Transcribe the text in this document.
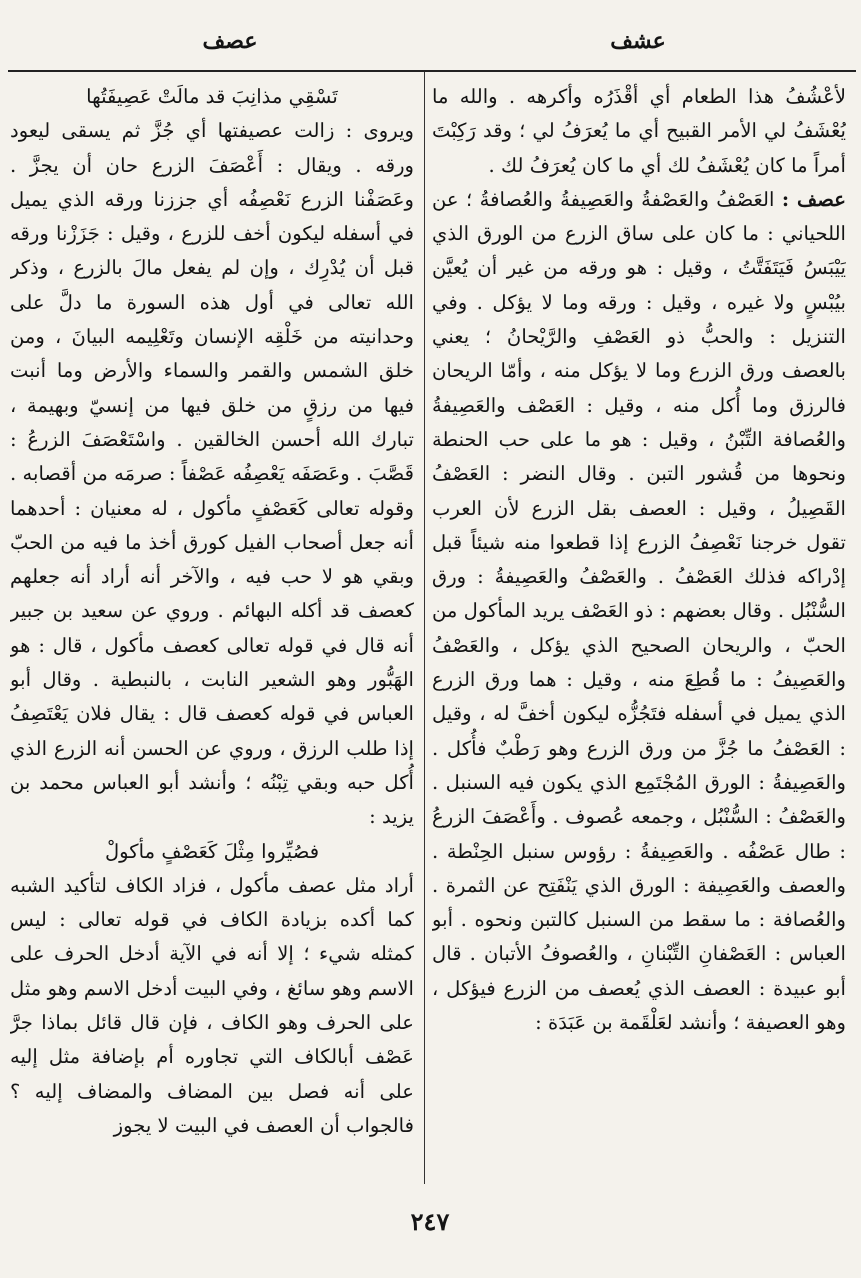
عشف
عصف

لأعْشُفُ هذا الطعام أي أقْذَرُه وأكرهه . والله ما يُعْشَفُ لي الأمر القبيح أي ما يُعرَفُ لي ؛ وقد رَكِبْتَ أمراً ما كان يُعْشَفُ لك أي ما كان يُعرَفُ لك .

عصف : العَصْفُ والعَصْفةُ والعَصِيفةُ والعُصافةُ ؛ عن اللحياني : ما كان على ساق الزرع من الورق الذي يَيْبَسُ فَيَتَفَتَّتُ ، وقيل : هو ورقه من غير أن يُعيَّن بيُبْسٍ ولا غيره ، وقيل : ورقه وما لا يؤكل . وفي التنزيل : والحبُّ ذو العَصْفِ والرَّيْحانُ ؛ يعني بالعصف ورق الزرع وما لا يؤكل منه ، وأمّا الريحان فالرزق وما أُكل منه ، وقيل : العَصْف والعَصِيفةُ والعُصافة التِّبْنُ ، وقيل : هو ما على حب الحنطة ونحوها من قُشور التبن . وقال النضر : العَصْفُ القَصِيلُ ، وقيل : العصف بقل الزرع لأن العرب تقول خرجنا نَعْصِفُ الزرع إذا قطعوا منه شيئاً قبل إدْراكه فذلك العَصْفُ . والعَصْفُ والعَصِيفةُ : ورق السُّنْبُل . وقال بعضهم : ذو العَصْف يريد المأكول من الحبّ ، والريحان الصحيح الذي يؤكل ، والعَصْفُ والعَصِيفُ : ما قُطِعَ منه ، وقيل : هما ورق الزرع الذي يميل في أسفله فتَجُزُّه ليكون أخفَّ له ، وقيل : العَصْفُ ما جُزَّ من ورق الزرع وهو رَطْبٌ فأُكل . والعَصِيفةُ : الورق المُجْتَمِع الذي يكون فيه السنبل . والعَصْفُ : السُّنْبُل ، وجمعه عُصوف . وأَعْصَفَ الزرعُ : طال عَصْفُه . والعَصِيفةُ : رؤوس سنبل الحِنْطة . والعصف والعَصِيفة : الورق الذي يَنْفَتِح عن الثمرة . والعُصافة : ما سقط من السنبل كالتبن ونحوه . أبو العباس : العَصْفانِ التِّبْنانِ ، والعُصوفُ الأتبان . قال أبو عبيدة : العصف الذي يُعصف من الزرع فيؤكل ، وهو العصيفة ؛ وأنشد لعَلْقَمة بن عَبَدَة :

تَسْقِي مذانِبَ قد مالَتْ عَصِيفَتُها

ويروى : زالت عصيفتها أي جُزَّ ثم يسقى ليعود ورقه . ويقال : أَعْصَفَ الزرع حان أن يجزَّ . وعَصَفْنا الزرع نَعْصِفُه أي جززنا ورقه الذي يميل في أسفله ليكون أخف للزرع ، وقيل : جَزَزْنا ورقه قبل أن يُدْرِك ، وإن لم يفعل مالَ بالزرع ، وذكر الله تعالى في أول هذه السورة ما دلَّ على وحدانيته من خَلْقِه الإنسان وتَعْلِيمه البيانَ ، ومن خلق الشمس والقمر والسماء والأرض وما أنبت فيها من رزقٍ من خلق فيها من إنسيّ وبهيمة ، تبارك الله أحسن الخالقين . واسْتَعْصَفَ الزرعُ : قَصَّبَ . وعَصَفَه يَعْصِفُه عَصْفاً : صرمَه من أقصابه . وقوله تعالى كَعَصْفٍ مأكول ، له معنيان : أحدهما أنه جعل أصحاب الفيل كورق أخذ ما فيه من الحبّ وبقي هو لا حب فيه ، والآخر أنه أراد أنه جعلهم كعصف قد أكله البهائم . وروي عن سعيد بن جبير أنه قال في قوله تعالى كعصف مأكول ، قال : هو الهَبُّور وهو الشعير النابت ، بالنبطية . وقال أبو العباس في قوله كعصف قال : يقال فلان يَعْتَصِفُ إذا طلب الرزق ، وروي عن الحسن أنه الزرع الذي أُكل حبه وبقي تِبْنُه ؛ وأنشد أبو العباس محمد بن يزيد :

فصُيِّروا مِثْلَ كَعَصْفٍ مأكولْ

أراد مثل عصف مأكول ، فزاد الكاف لتأكيد الشبه كما أكده بزيادة الكاف في قوله تعالى : ليس كمثله شيء ؛ إلا أنه في الآية أدخل الحرف على الاسم وهو سائغ ، وفي البيت أدخل الاسم وهو مثل على الحرف وهو الكاف ، فإن قال قائل بماذا جرَّ عَصْف أبالكاف التي تجاوره أم بإضافة مثل إليه على أنه فصل بين المضاف والمضاف إليه ؟ فالجواب أن العصف في البيت لا يجوز

٢٤٧
